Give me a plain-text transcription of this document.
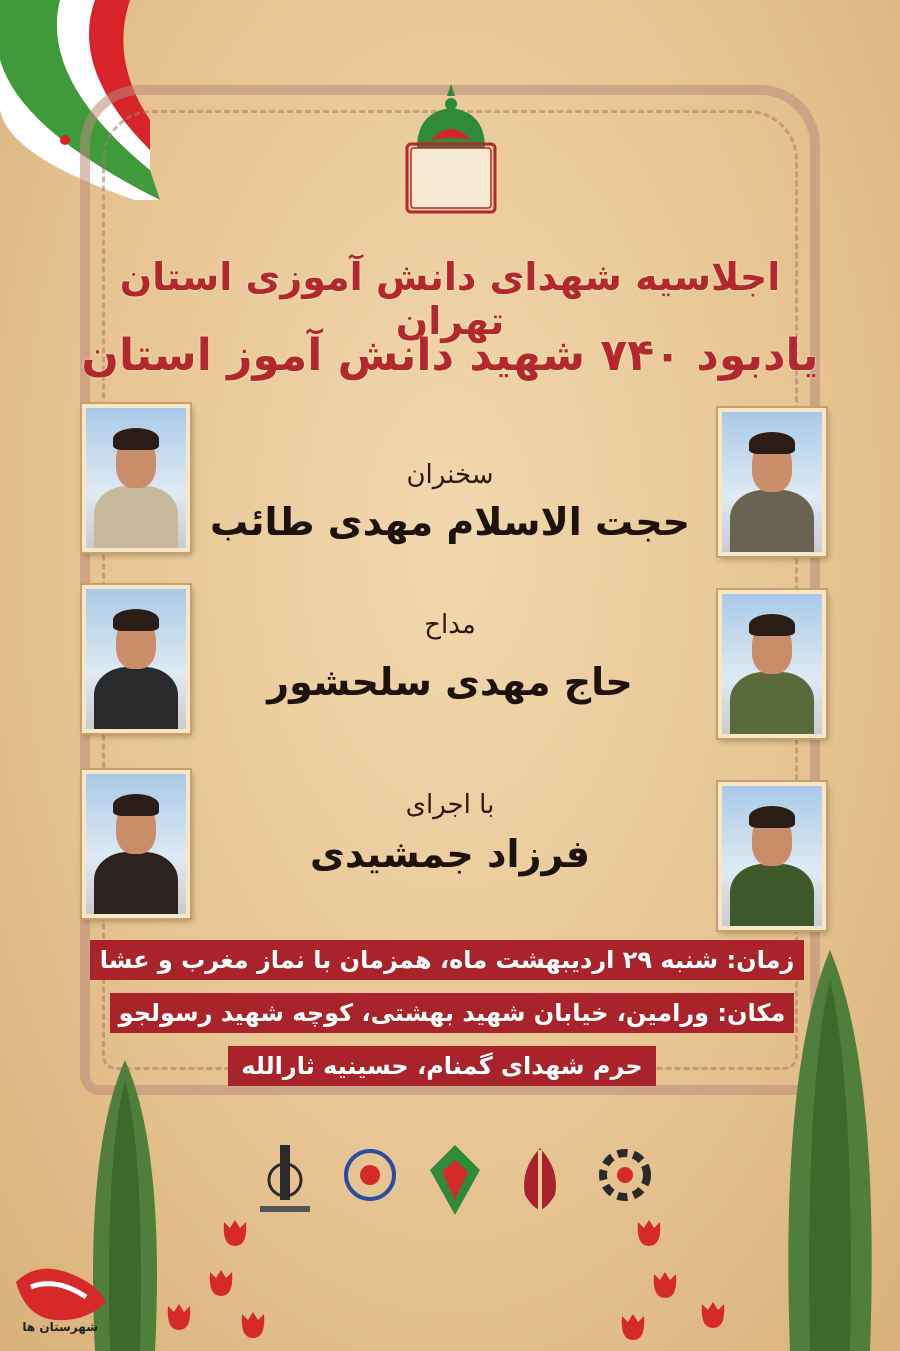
اجلاسیه شهدای دانش آموزی استان تهران
یادبود ۷۴۰ شهید دانش آموز استان
سخنران
حجت الاسلام مهدی طائب
مداح
حاج مهدی سلحشور
با اجرای
فرزاد جمشیدی
زمان: شنبه ۲۹ اردیبهشت ماه، همزمان با نماز مغرب و عشا
مکان: ورامین، خیابان شهید بهشتی، کوچه شهید رسولجو
حرم شهدای گمنام، حسینیه ثارالله
شهرستان ها
